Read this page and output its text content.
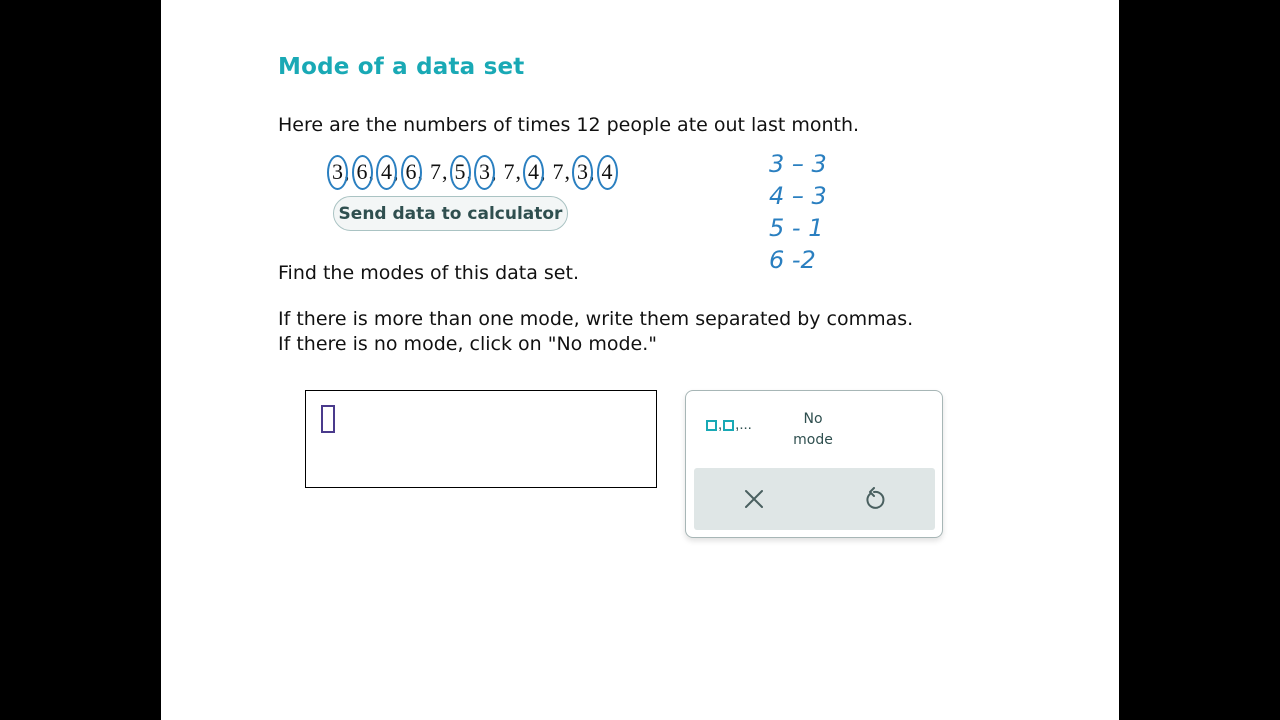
Mode of a data set
Here are the numbers of times 12 people ate out last month.
3, 6, 4, 6, 7, 5, 3, 7, 4, 7, 3, 4
Send data to calculator
3 – 3
4 – 3
5 - 1
6 -2
Find the modes of this data set.
If there is more than one mode, write them separated by commas.
If there is no mode, click on "No mode."
, ,...	No
mode
